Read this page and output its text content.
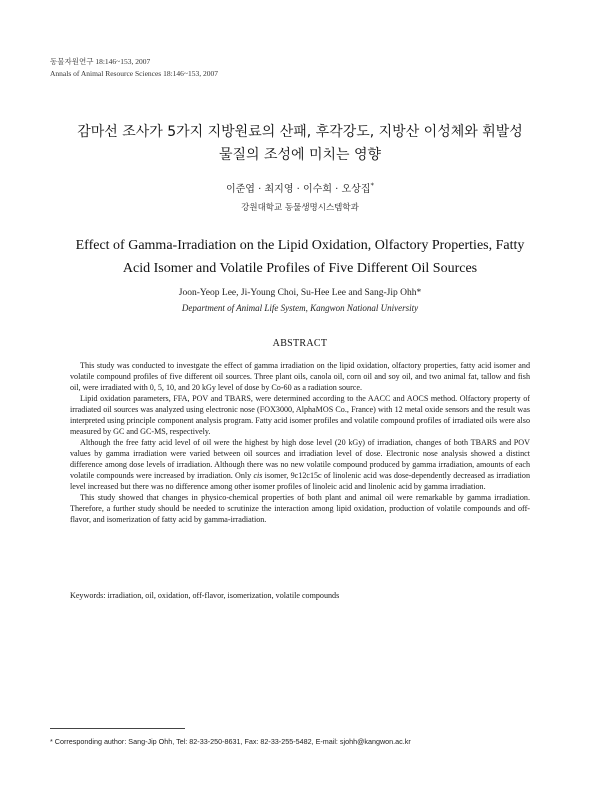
동물자원연구 18:146~153, 2007
Annals of Animal Resource Sciences 18:146~153, 2007
감마선 조사가 5가지 지방원료의 산패, 후각강도, 지방산 이성체와 휘발성
물질의 조성에 미치는 영향
이준엽 · 최지영 · 이수희 · 오상집*
강원대학교 동물생명시스템학과
Effect of Gamma-Irradiation on the Lipid Oxidation, Olfactory Properties, Fatty
Acid Isomer and Volatile Profiles of Five Different Oil Sources
Joon-Yeop Lee, Ji-Young Choi, Su-Hee Lee and Sang-Jip Ohh*
Department of Animal Life System, Kangwon National University
ABSTRACT

This study was conducted to investgate the effect of gamma irradiation on the lipid oxidation, olfactory properties, fatty acid isomer and volatile compound profiles of five different oil sources. Three plant oils, canola oil, corn oil and soy oil, and two animal fat, tallow and fish oil, were irradiated with 0, 5, 10, and 20 kGy level of dose by Co-60 as a radiation source.

Lipid oxidation parameters, FFA, POV and TBARS, were determined according to the AACC and AOCS method. Olfactory property of irradiated oil sources was analyzed using electronic nose (FOX3000, AlphaMOS Co., France) with 12 metal oxide sensors and the result was interpreted using principle component analysis program. Fatty acid isomer profiles and volatile compound profiles of irradiated oils were also measured by GC and GC-MS, respectively.

Although the free fatty acid level of oil were the highest by high dose level (20 kGy) of irradiation, changes of both TBARS and POV values by gamma irradiation were varied between oil sources and irradiation level of dose. Electronic nose analysis showed a distinct difference among dose levels of irradiation. Although there was no new volatile compound produced by gamma irradiation, amounts of each volatile compounds were increased by irradiation. Only cis isomer, 9c12c15c of linolenic acid was dose-dependently decreased as irradiation level increased but there was no difference among other isomer profiles of linoleic acid and linolenic acid by gamma irradiation.

This study showed that changes in physico-chemical properties of both plant and animal oil were remarkable by gamma irradiation. Therefore, a further study should be needed to scrutinize the interaction among lipid oxidation, production of volatile compounds and off-flavor, and isomerization of fatty acid by gamma-irradiation.

Keywords: irradiation, oil, oxidation, off-flavor, isomerization, volatile compounds
* Corresponding author: Sang-Jip Ohh, Tel: 82-33-250-8631, Fax: 82-33-255-5482, E-mail: sjohh@kangwon.ac.kr
